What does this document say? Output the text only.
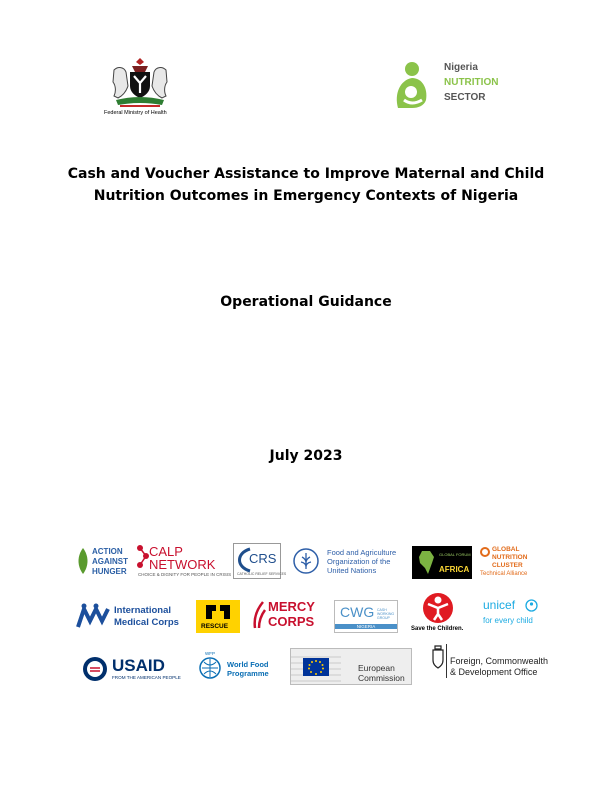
Federal Ministry of Health
Nigeria
NUTRITION
SECTOR
Cash and Voucher Assistance to Improve Maternal and Child
Nutrition Outcomes in Emergency Contexts of Nigeria
Operational Guidance
July 2023
ACTION
AGAINST
HUNGER
CALP
NETWORK
CHOICE & DIGNITY FOR PEOPLE IN CRISIS
CRS
CATHOLIC RELIEF SERVICES
Food and Agriculture
Organization of the
United Nations
GLOBAL FORUM
AFRICA
GLOBAL
NUTRITION
CLUSTER
Technical Alliance
International
Medical Corps	RESCUE
MERCY
CORPS
CWG CASH WORKING GROUP
NIGERIA	Save the Children.
unicef
for every child
USAID
FROM THE AMERICAN PEOPLE
WFP
World Food
Programme
European
Commission
Foreign, Commonwealth
& Development Office
